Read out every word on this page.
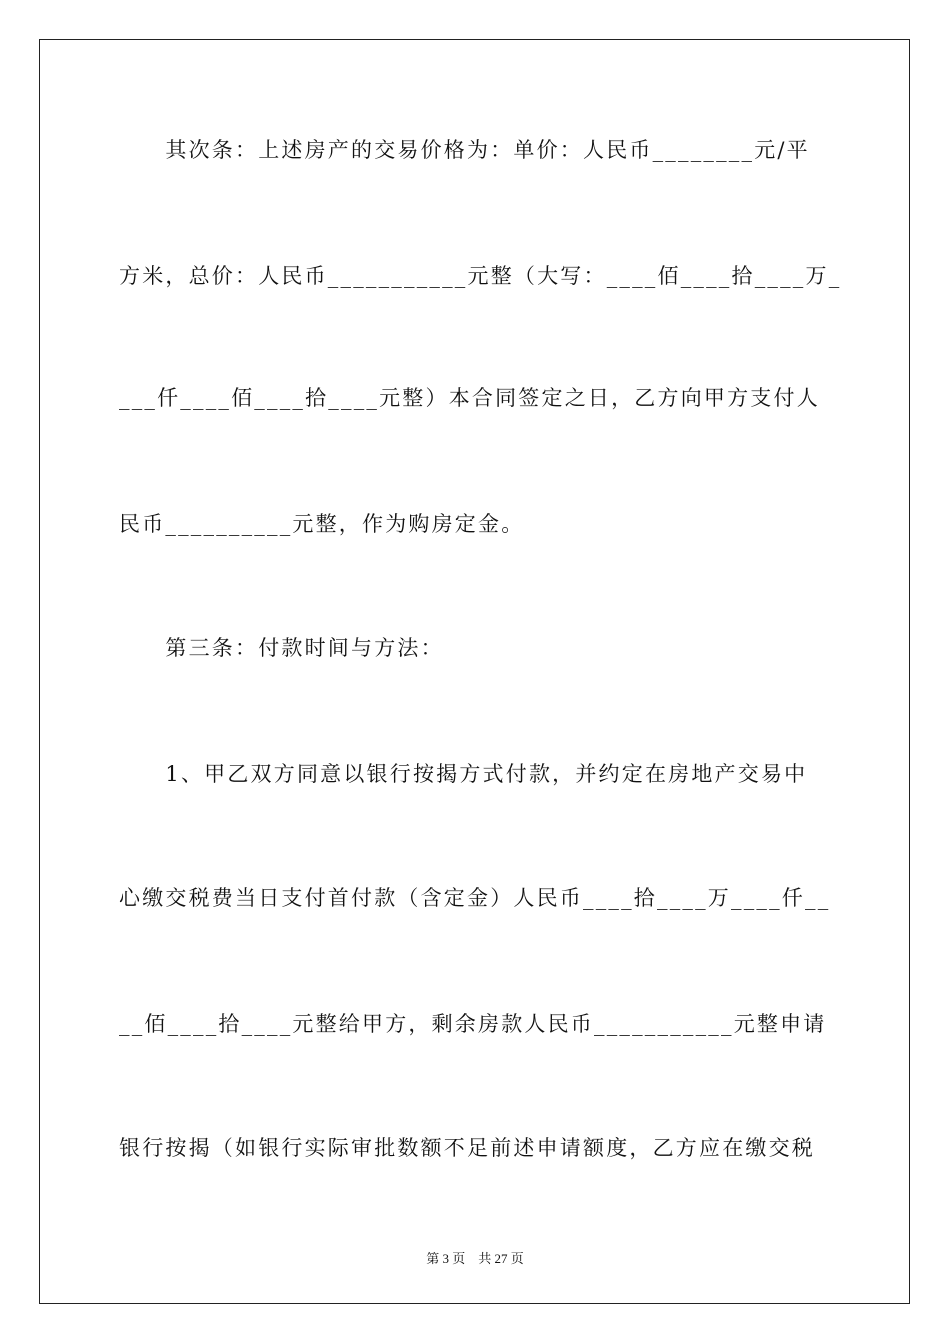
　　其次条：上述房产的交易价格为：单价：人民币________元/平
方米，总价：人民币___________元整（大写：____佰____拾____万_
___仟____佰____拾____元整）本合同签定之日，乙方向甲方支付人
民币__________元整，作为购房定金。
　　第三条：付款时间与方法：
　　1、甲乙双方同意以银行按揭方式付款，并约定在房地产交易中
心缴交税费当日支付首付款（含定金）人民币____拾____万____仟__
__佰____拾____元整给甲方，剩余房款人民币___________元整申请
银行按揭（如银行实际审批数额不足前述申请额度，乙方应在缴交税
第 3 页　共 27 页
